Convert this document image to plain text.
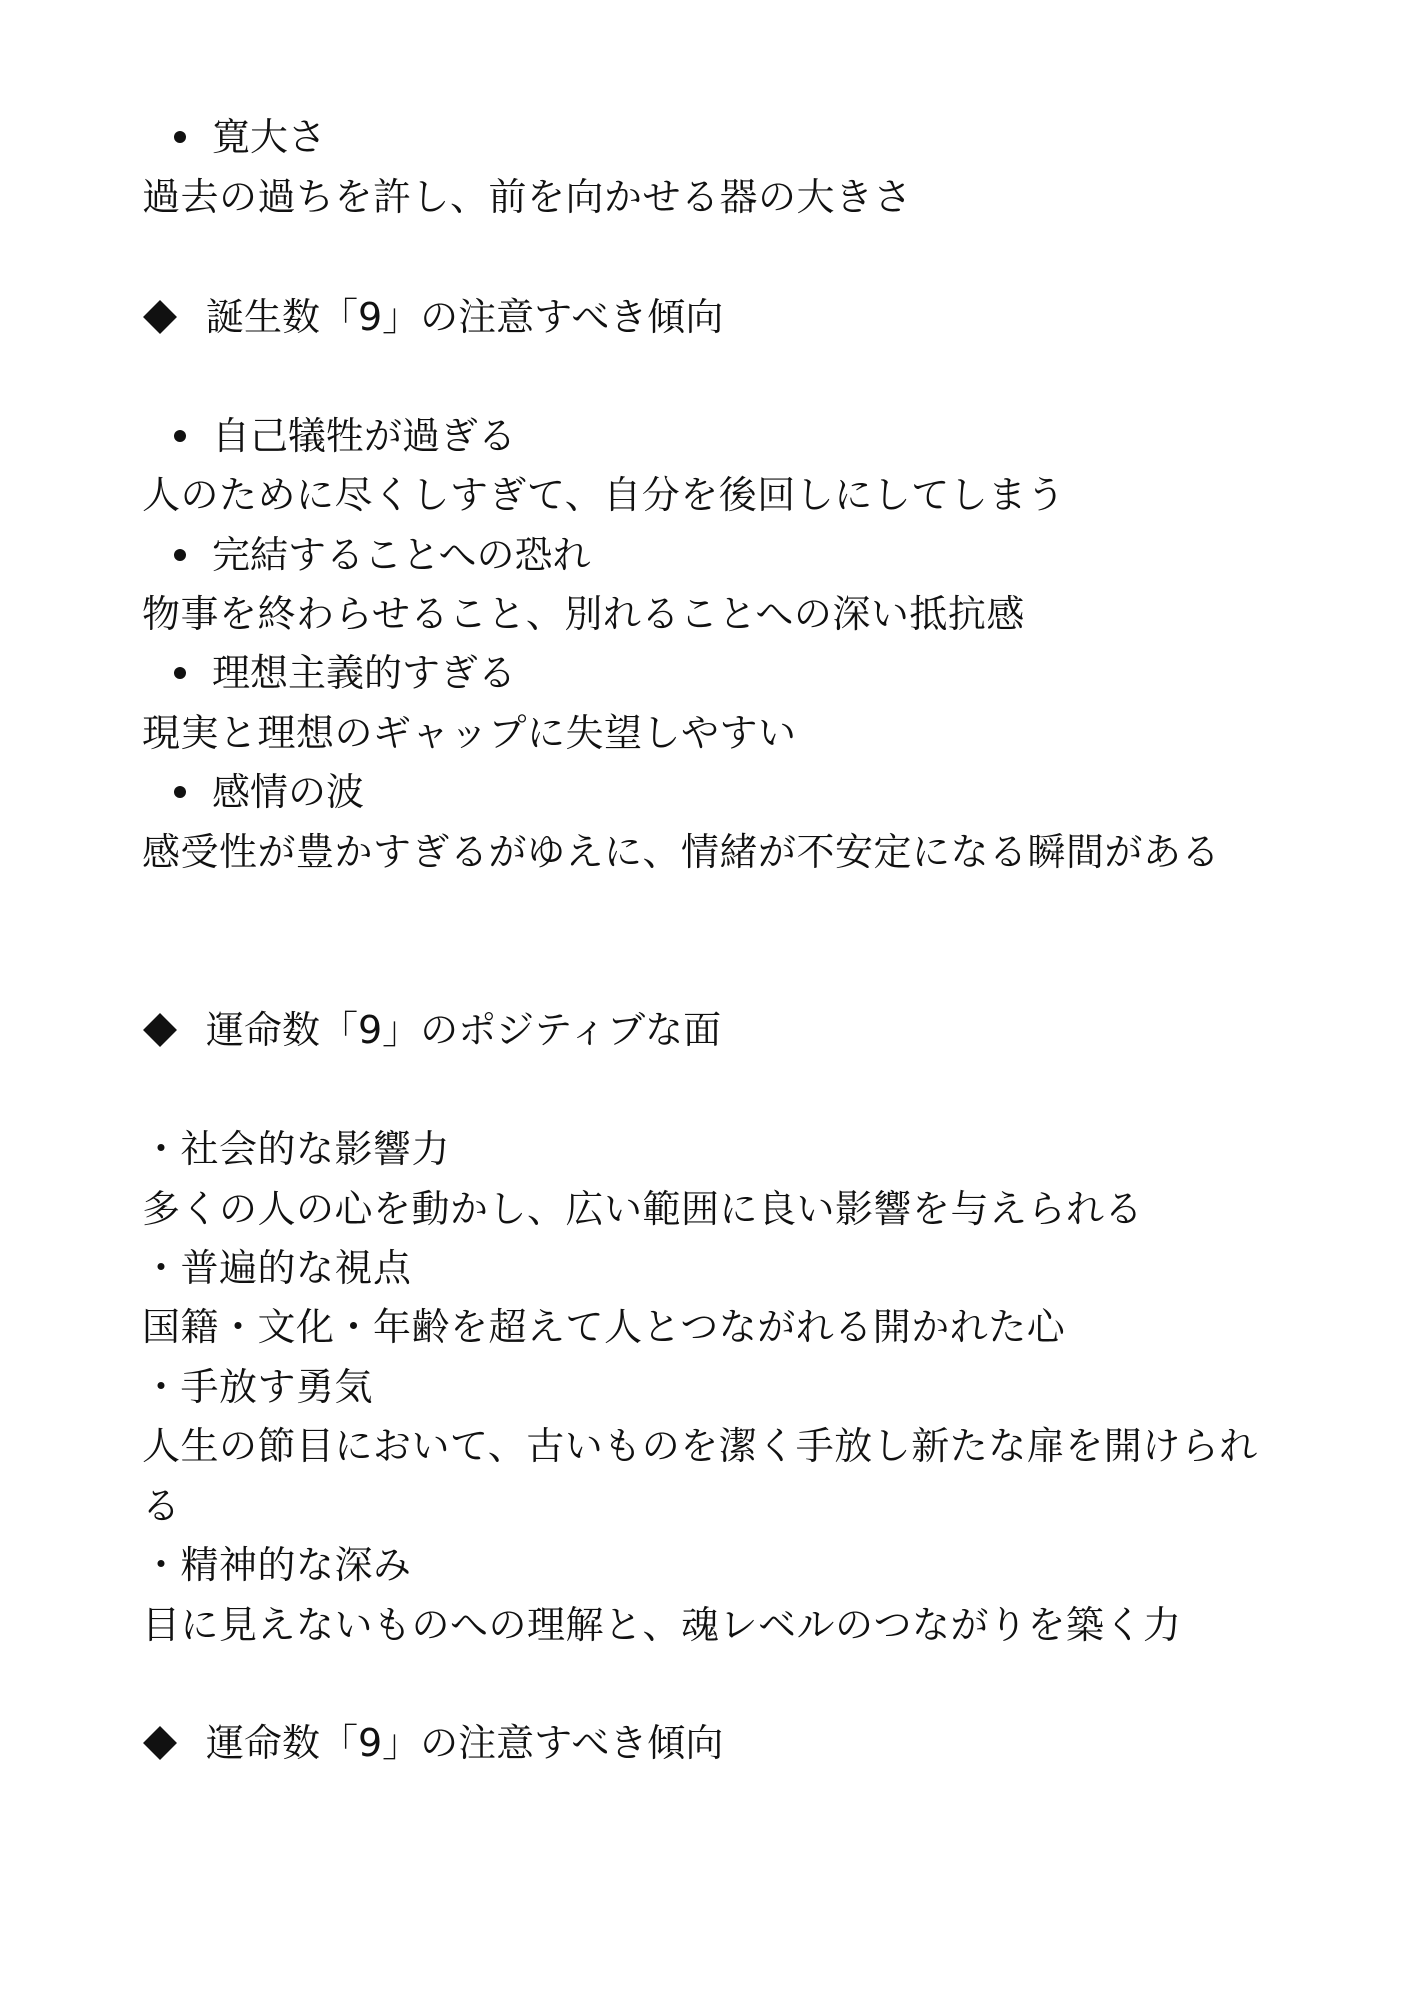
寛大さ
過去の過ちを許し、前を向かせる器の大きさ
誕生数「9」の注意すべき傾向
自己犠牲が過ぎる
人のために尽くしすぎて、自分を後回しにしてしまう
完結することへの恐れ
物事を終わらせること、別れることへの深い抵抗感
理想主義的すぎる
現実と理想のギャップに失望しやすい
感情の波
感受性が豊かすぎるがゆえに、情緒が不安定になる瞬間がある
運命数「9」のポジティブな面
・社会的な影響力
多くの人の心を動かし、広い範囲に良い影響を与えられる
・普遍的な視点
国籍・文化・年齢を超えて人とつながれる開かれた心
・手放す勇気
人生の節目において、古いものを潔く手放し新たな扉を開けられ
る
・精神的な深み
目に見えないものへの理解と、魂レベルのつながりを築く力
運命数「9」の注意すべき傾向
